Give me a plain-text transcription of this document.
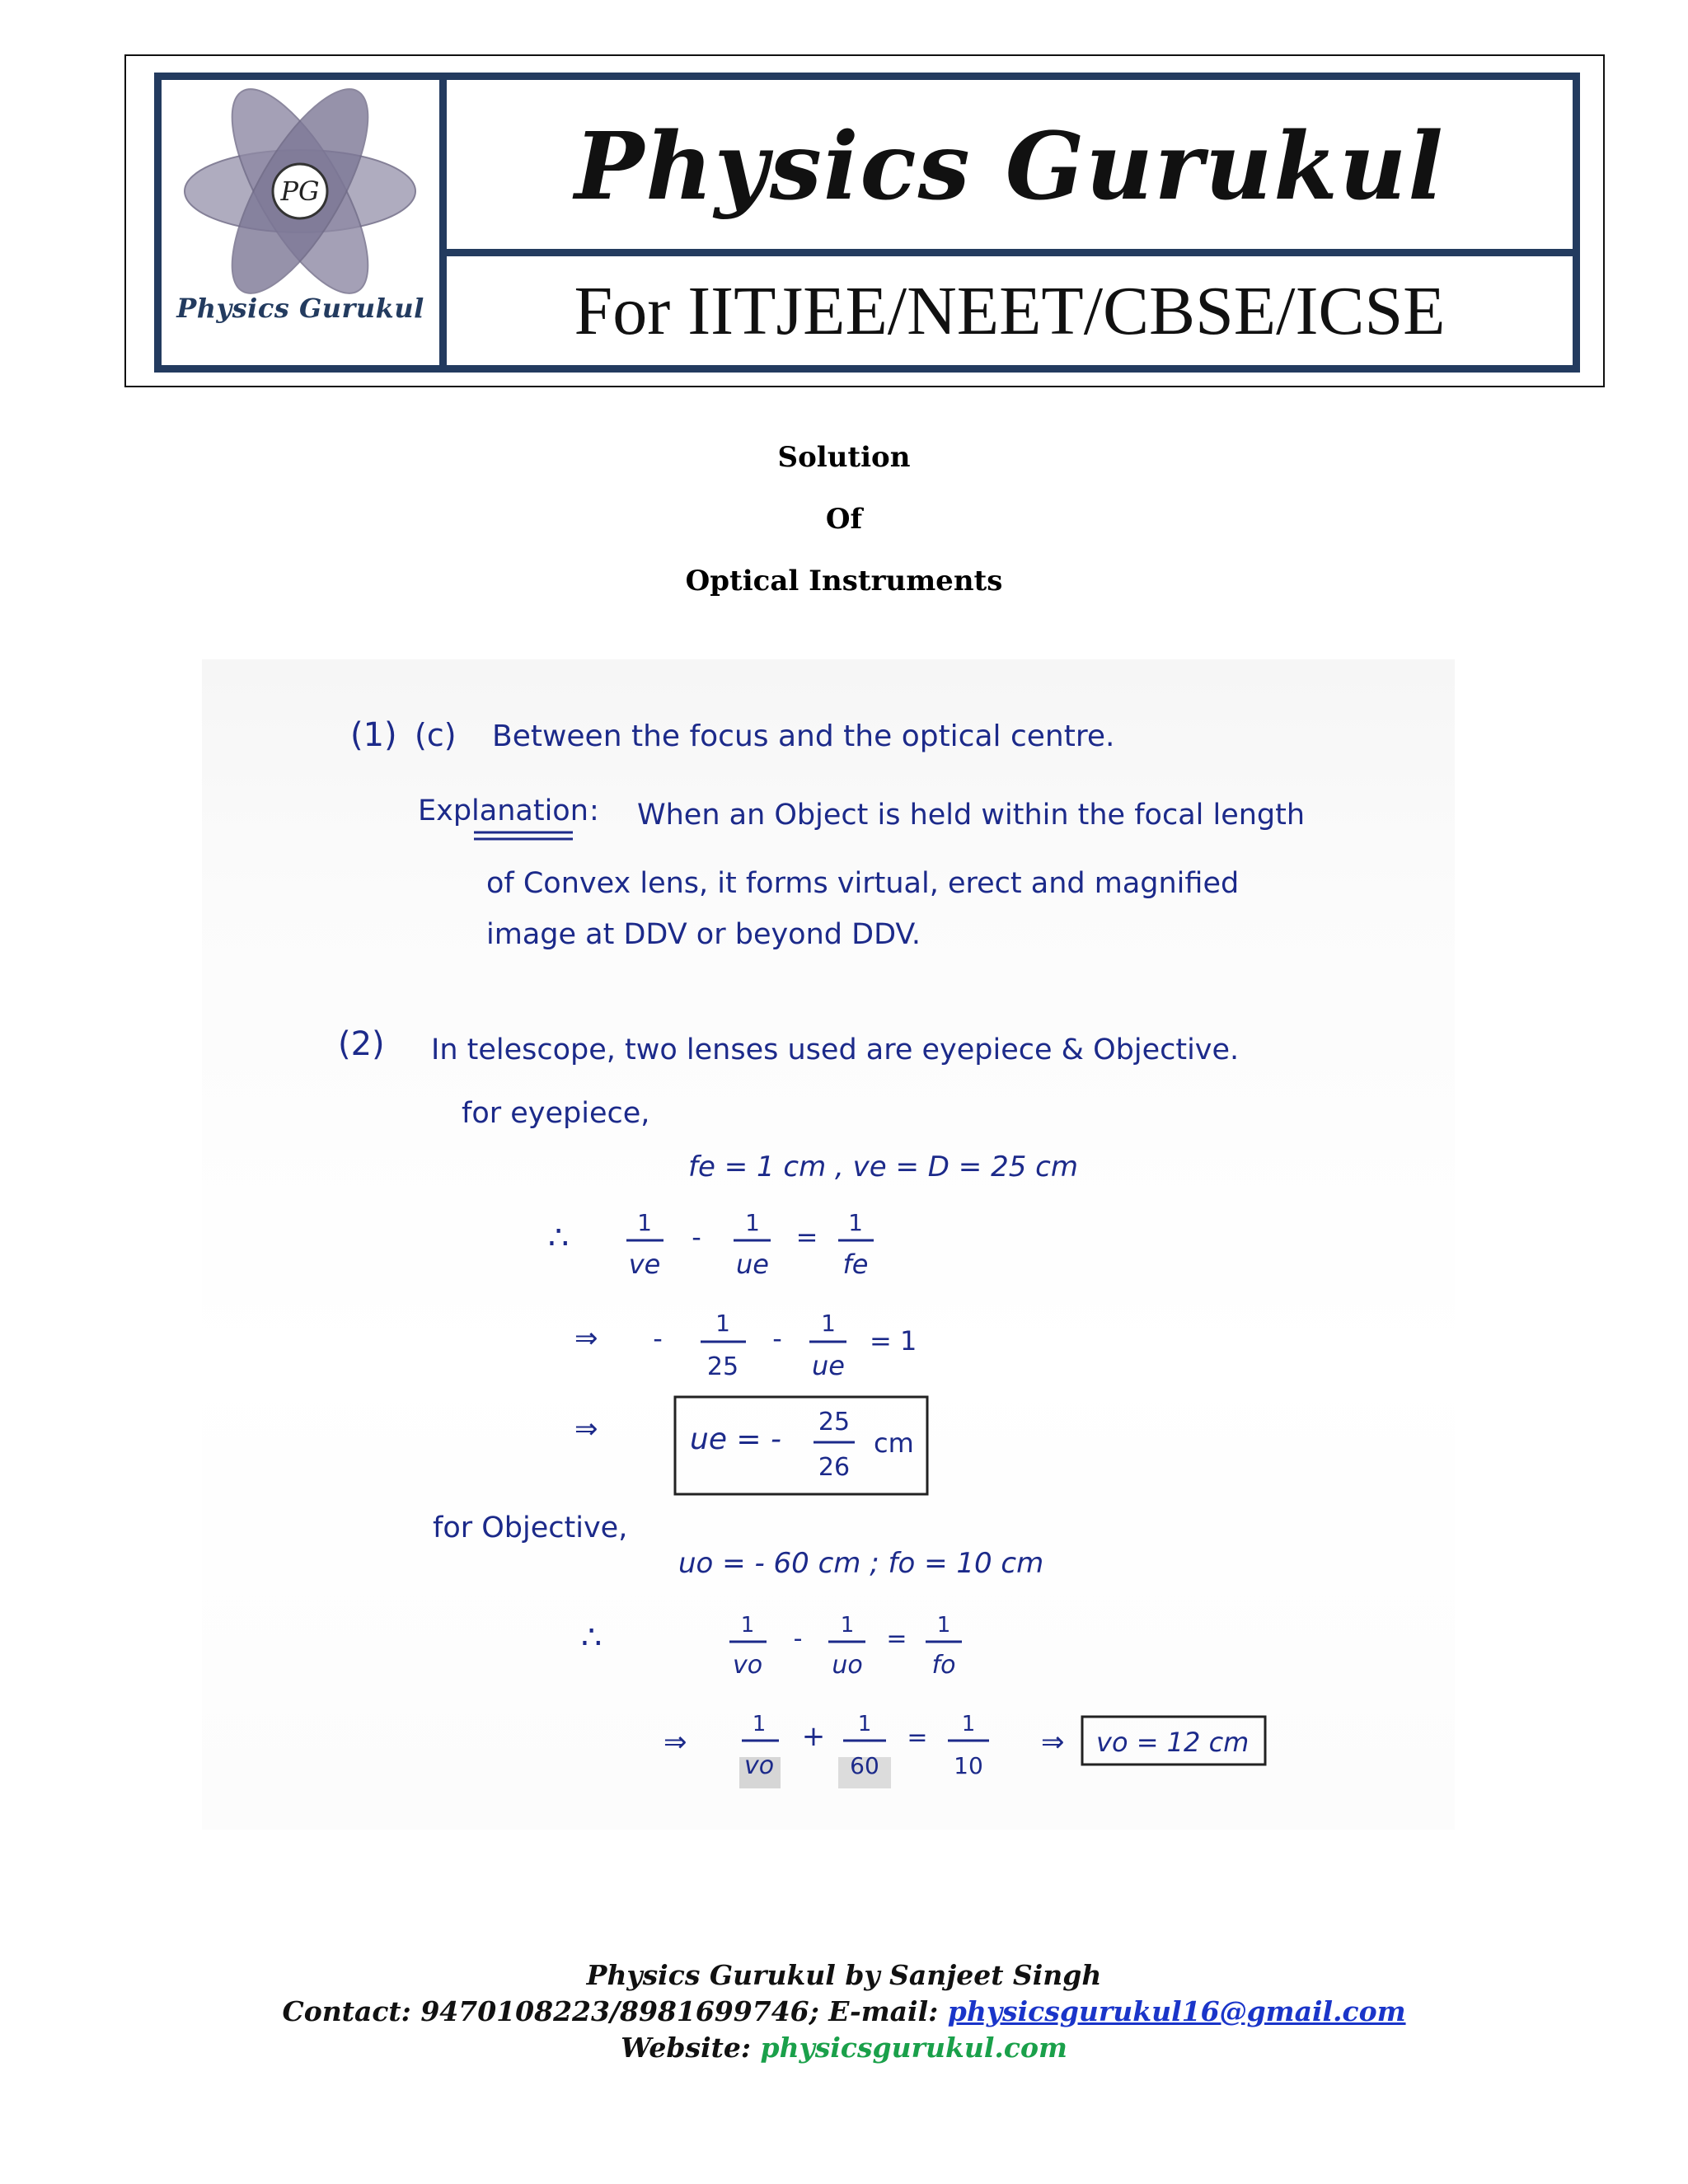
PG
Physics Gurukul
Physics Gurukul
For IITJEE/NEET/CBSE/ICSE
Solution
Of
Optical Instruments
(1) (c) Between the focus and the optical centre.
Explanation : When an Object is held within the focal length
of Convex lens, it forms virtual, erect and magnified
image at DDV or beyond DDV.
(2) In telescope, two lenses used are eyepiece & Objective.
for eyepiece,
fe = 1 cm , ve = D = 25 cm
∴	1
ve
- 1
ue
= 1
fe
⇒ - 1
25
- 1
ue
= 1
⇒	ue = -
25
26
cm
for Objective,
uo = - 60 cm ; fo = 10 cm
∴	1
vo
- 1
uo
= 1
fo
⇒
1
vo
+ 1
60
= 1
10
⇒ vo = 12 cm
Physics Gurukul by Sanjeet Singh
Contact: 9470108223/8981699746; E-mail: physicsgurukul16@gmail.com
Website: physicsgurukul.com
